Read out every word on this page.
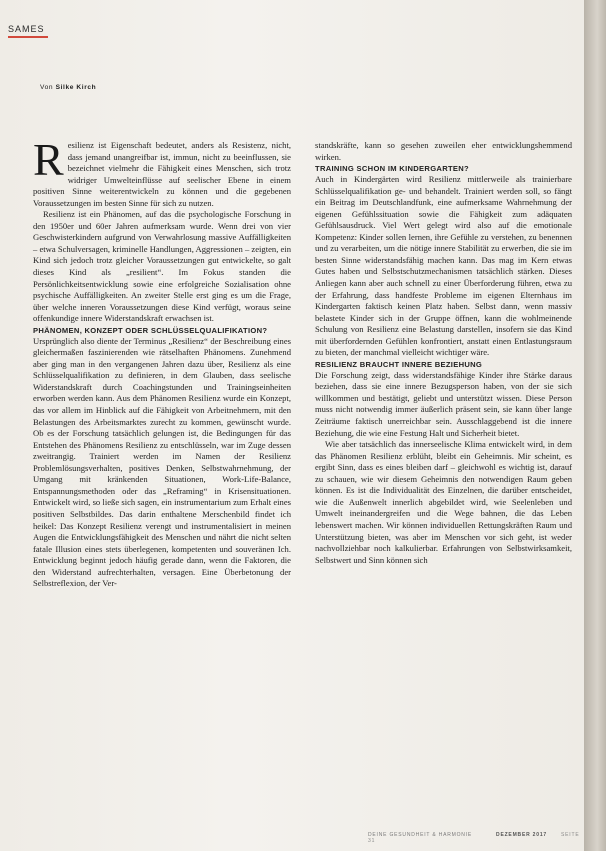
SAMES
Von Silke Kirch

Resilienz ist Eigenschaft bedeutet, anders als Resistenz, nicht, dass jemand unangreifbar ist, immun, nicht zu beeinflussen, sie bezeichnet vielmehr die Fähigkeit eines Menschen, sich trotz widriger Umwelteinflüsse auf seelischer Ebene in einem positiven Sinne weiterentwickeln zu können und die gegebenen Voraussetzungen im besten Sinne für sich zu nutzen.

Resilienz ist ein Phänomen, auf das die psychologische Forschung in den 1950er und 60er Jahren aufmerksam wurde. Wenn drei von vier Geschwisterkindern aufgrund von Verwahrlosung massive Auffälligkeiten – etwa Schulversagen, kriminelle Handlungen, Aggressionen – zeigten, ein Kind sich jedoch trotz gleicher Voraussetzungen gut entwickelte, so galt dieses Kind als „resilient“. Im Fokus standen die Persönlichkeitsentwicklung sowie eine erfolgreiche Sozialisation ohne psychische Auffälligkeiten. An zweiter Stelle erst ging es um die Frage, über welche inneren Voraussetzungen diese Kind verfügt, woraus seine offenkundige innere Widerstandskraft erwachsen ist.

PHÄNOMEN, KONZEPT ODER SCHLÜSSELQUALIFIKATION?

Ursprünglich also diente der Terminus „Resilienz“ der Beschreibung eines gleichermaßen faszinierenden wie rätselhaften Phänomens. Zunehmend aber ging man in den vergangenen Jahren dazu über, Resilienz als eine Schlüsselqualifikation zu definieren, in dem Glauben, dass seelische Widerstandskraft durch Coachingstunden und Trainingseinheiten erworben werden kann. Aus dem Phänomen Resilienz wurde ein Konzept, das vor allem im Hinblick auf die Fähigkeit von Arbeitnehmern, mit den Belastungen des Arbeitsmarktes zurecht zu kommen, gewünscht wurde. Ob es der Forschung tatsächlich gelungen ist, die Bedingungen für das Entstehen des Phänomens Resilienz zu entschlüsseln, war im Zuge dessen zweitrangig. Trainiert werden im Namen der Resilienz Problemlösungsverhalten, positives Denken, Selbstwahrnehmung, der Umgang mit kränkenden Situationen, Work-Life-Balance, Entspannungsmethoden oder das „Reframing“ in Krisensituationen. Entwickelt wird, so ließe sich sagen, ein instrumentarium zum Erhalt eines positiven Selbstbildes. Das darin enthaltene Merschenbild findet ich heikel: Das Konzept Resilienz verengt und instrumentalisiert in meinen Augen die Entwicklungsfähigkeit des Menschen und nährt die nicht selten fatale Illusion eines stets überlegenen, kompetenten und souveränen Ich. Entwicklung beginnt jedoch häufig gerade dann, wenn die Faktoren, die den Widerstand aufrechterhalten, versagen. Eine Überbetonung der Selbstreflexion, der Ver-

standskräfte, kann so gesehen zuweilen eher entwicklungshemmend wirken.

TRAINING SCHON IM KINDERGARTEN?

Auch in Kindergärten wird Resilienz mittlerweile als trainierbare Schlüsselqualifikation ge- und behandelt. Trainiert werden soll, so fängt ein Beitrag im Deutschlandfunk, eine aufmerksame Wahrnehmung der eigenen Gefühlssituation sowie die Fähigkeit zum adäquaten Gefühlsausdruck. Viel Wert gelegt wird also auf die emotionale Kompetenz: Kinder sollen lernen, ihre Gefühle zu verstehen, zu benennen und zu verarbeiten, um die nötige innere Stabilität zu erwerben, die sie im besten Sinne widerstandsfähig machen kann. Das mag im Kern etwas Gutes haben und Selbstschutzmechanismen tatsächlich stärken. Dieses Anliegen kann aber auch schnell zu einer Überforderung führen, etwa zu der Erfahrung, dass handfeste Probleme im eigenen Elternhaus im Kindergarten faktisch keinen Platz haben. Selbst dann, wenn massiv belastete Kinder sich in der Gruppe öffnen, kann die wohlmeinende Schulung von Resilienz eine Belastung darstellen, insofern sie das Kind mit überfordernden Gefühlen konfrontiert, anstatt einen Entlastungsraum zu bieten, der manchmal vielleicht wichtiger wäre.

RESILIENZ BRAUCHT INNERE BEZIEHUNG

Die Forschung zeigt, dass widerstandsfähige Kinder ihre Stärke daraus beziehen, dass sie eine innere Bezugsperson haben, von der sie sich willkommen und bestätigt, geliebt und unterstützt wissen. Diese Person muss nicht notwendig immer äußerlich präsent sein, sie kann über lange Zeiträume faktisch unerreichbar sein. Ausschlaggebend ist die innere Beziehung, die wie eine Festung Halt und Sicherheit bietet.

Wie aber tatsächlich das innerseelische Klima entwickelt wird, in dem das Phänomen Resilienz erblüht, bleibt ein Geheimnis. Mir scheint, es ergibt Sinn, dass es eines bleiben darf – gleichwohl es wichtig ist, darauf zu schauen, wie wir diesem Geheimnis den notwendigen Raum geben können. Es ist die Individualität des Einzelnen, die darüber entscheidet, wie die Außenwelt innerlich abgebildet wird, wie Seelenleben und Umwelt ineinandergreifen und die Wege bahnen, die das Leben lebenswert machen. Wir können individuellen Rettungskräften Raum und Unterstützung bieten, was aber im Menschen vor sich geht, ist weder nachvollziehbar noch kalkulierbar. Erfahrungen von Selbstwirksamkeit, Selbstwert und Sinn können sich

DEINE GESUNDHEIT & HARMONIE	DEZEMBER 2017	SEITE 31
